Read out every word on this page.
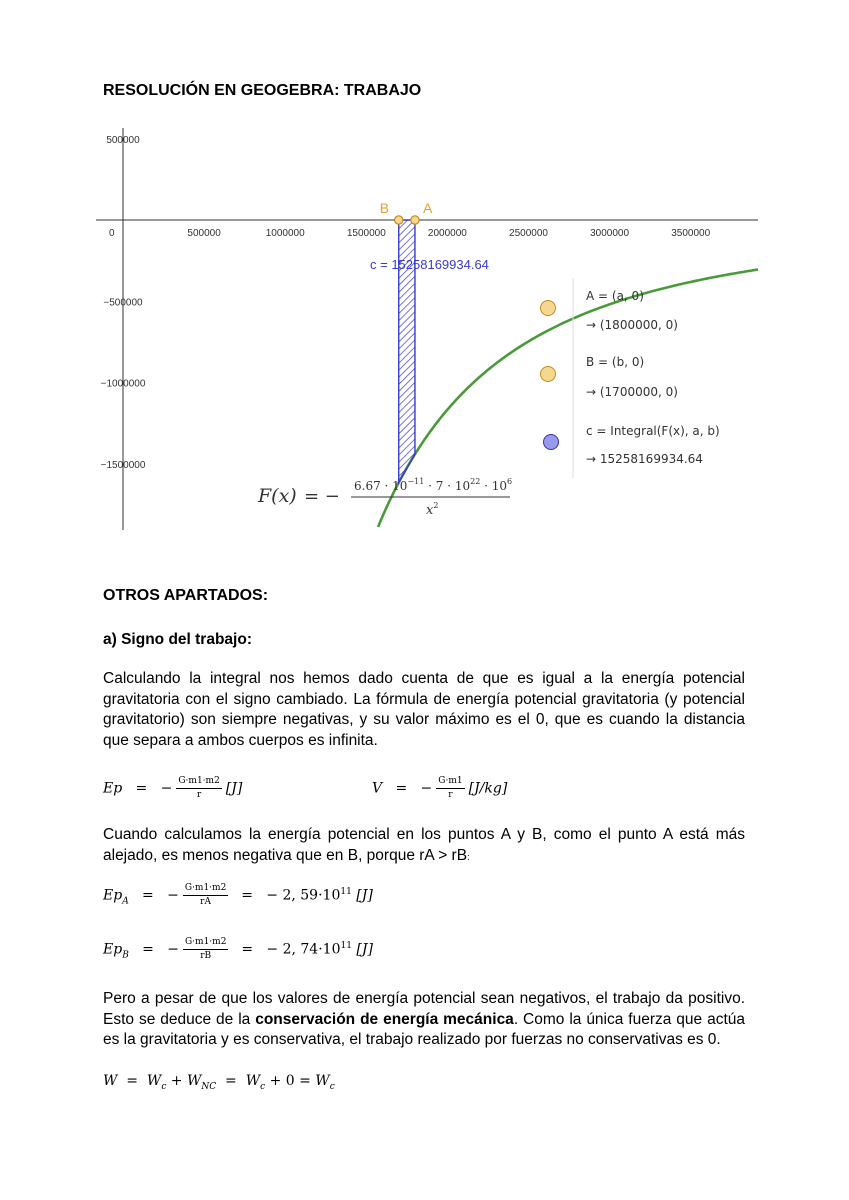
RESOLUCIÓN EN GEOGEBRA: TRABAJO
0	500000	1000000	1500000	2000000	2500000	3000000	3500000
500000
−500000
−1000000
−1500000
B A
c = 15258169934.64
F(x) = − $6.67 \cdot 10^{-11} \cdot 7 \cdot 10^{22} \cdot 10^6$
$x^2$
A = (a, 0)
→ (1800000, 0)
B = (b, 0)
→ (1700000, 0)
c = Integral(F(x), a, b)
→ 15258169934.64
OTROS APARTADOS:
a) Signo del trabajo:
Calculando la integral nos hemos dado cuenta de que es igual a la energía potencial gravitatoria con el signo cambiado. La fórmula de energía potencial gravitatoria (y potencial gravitatorio) son siempre negativas, y su valor máximo es el 0, que es cuando la distancia que separa a ambos cuerpos es infinita.
Ep   =   − $\frac{G\cdot m1\cdot m2}{r} [J]$	V   =   − $\frac{G\cdot m1}{r} [J/kg]$
Cuando calculamos la energía potencial en los puntos A y B, como el punto A está más alejado, es menos negativa que en B, porque rA > rB:
$Ep_A$   =   − $\frac{G\cdot m1\cdot m2}{rA}$ =   − 2, $59\cdot 10^{11}$ [J]
$Ep_B$   =   − $\frac{G\cdot m1\cdot m2}{rB}$ =   − 2, $74\cdot 10^{11}$ [J]
Pero a pesar de que los valores de energía potencial sean negativos, el trabajo da positivo. Esto se deduce de la conservación de energía mecánica. Como la única fuerza que actúa es la gravitatoria y es conservativa, el trabajo realizado por fuerzas no conservativas es 0.
$W = W_c + W_{NC} = W_c + 0 = W_c$
